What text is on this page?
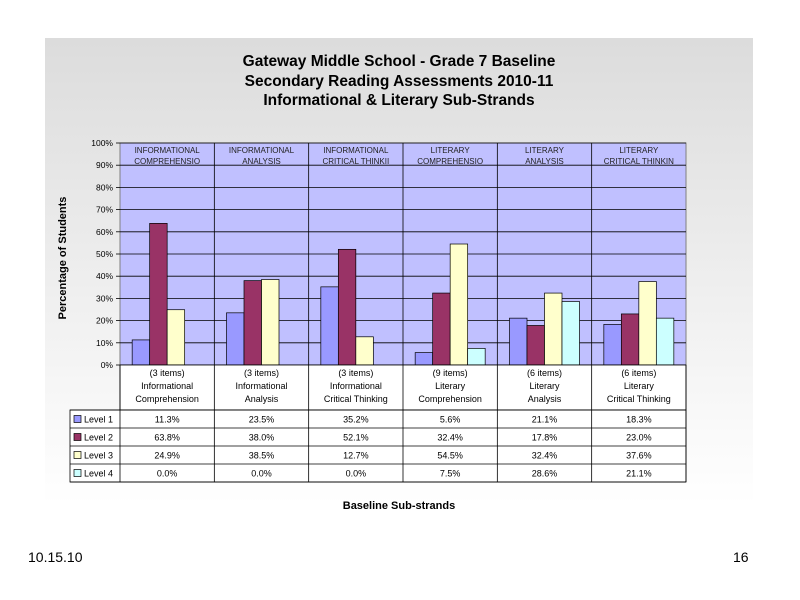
Gateway Middle School - Grade 7 Baseline
Secondary Reading Assessments 2010-11
Informational & Literary Sub-Strands
Percentage of Students
Baseline Sub-strands
0%
10%
20%
30%
40%
50%
60%
70%
80%
90%
100%
INFORMATIONAL
COMPREHENSIO
INFORMATIONAL
ANALYSIS
INFORMATIONAL
CRITICAL THINKII
LITERARY
COMPREHENSIO
LITERARY
ANALYSIS
LITERARY
CRITICAL THINKIN
(3 items)
Informational
Comprehension
(3 items)
Informational
Analysis
(3 items)
Informational
Critical Thinking
(9 items)
Literary
Comprehension
(6 items)
Literary
Analysis
(6 items)
Literary
Critical Thinking
Level 1	11.3%	23.5%	35.2%	5.6%	21.1%	18.3%
Level 2	63.8%	38.0%	52.1%	32.4%	17.8%	23.0%
Level 3	24.9%	38.5%	12.7%	54.5%	32.4%	37.6%
Level 4	0.0%	0.0%	0.0%	7.5%	28.6%	21.1%
10.15.10	16
